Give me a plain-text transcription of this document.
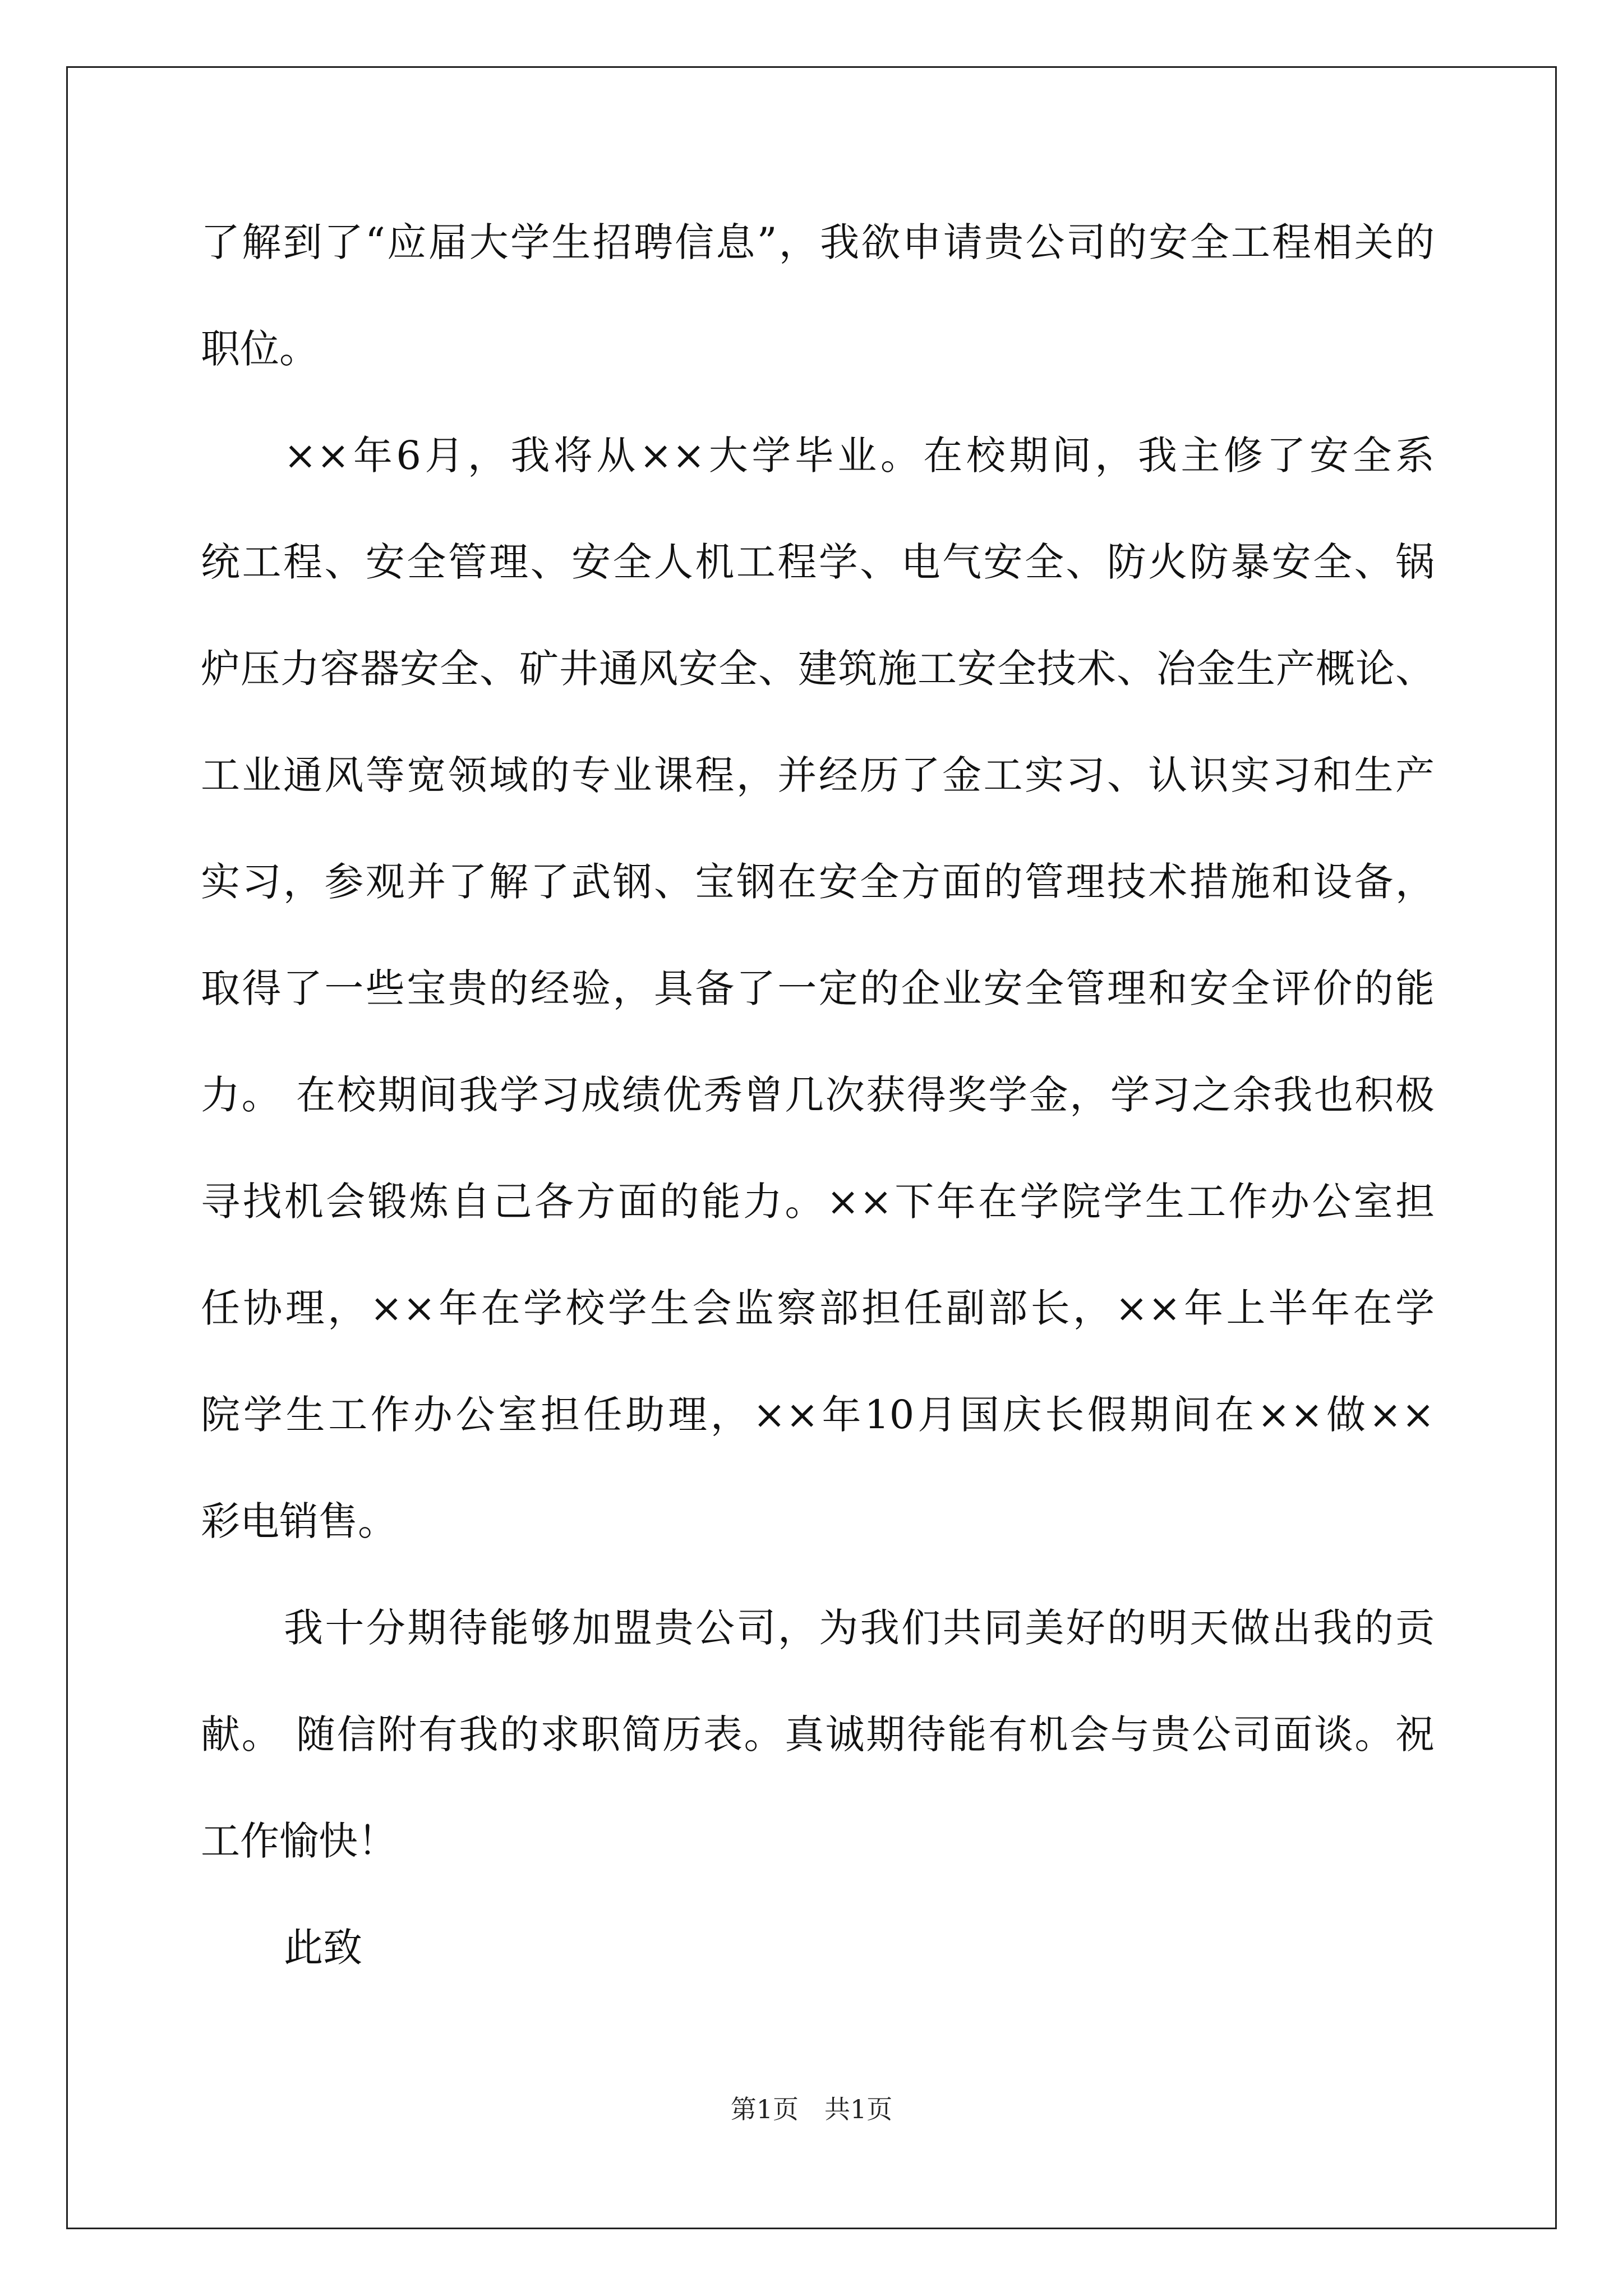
了解到了“应届大学生招聘信息”，我欲申请贵公司的安全工程相关的
职位。
××年6月，我将从××大学毕业。在校期间，我主修了安全系
统工程、安全管理、安全人机工程学、电气安全、防火防暴安全、锅
炉压力容器安全、矿井通风安全、建筑施工安全技术、冶金生产概论、
工业通风等宽领域的专业课程，并经历了金工实习、认识实习和生产
实习，参观并了解了武钢、宝钢在安全方面的管理技术措施和设备，
取得了一些宝贵的经验，具备了一定的企业安全管理和安全评价的能
力。 在校期间我学习成绩优秀曾几次获得奖学金，学习之余我也积极
寻找机会锻炼自己各方面的能力。××下年在学院学生工作办公室担
任协理，××年在学校学生会监察部担任副部长，××年上半年在学
院学生工作办公室担任助理，××年10月国庆长假期间在××做××
彩电销售。
我十分期待能够加盟贵公司，为我们共同美好的明天做出我的贡
献。 随信附有我的求职简历表。真诚期待能有机会与贵公司面谈。祝
工作愉快！
此致
第1页　共1页
